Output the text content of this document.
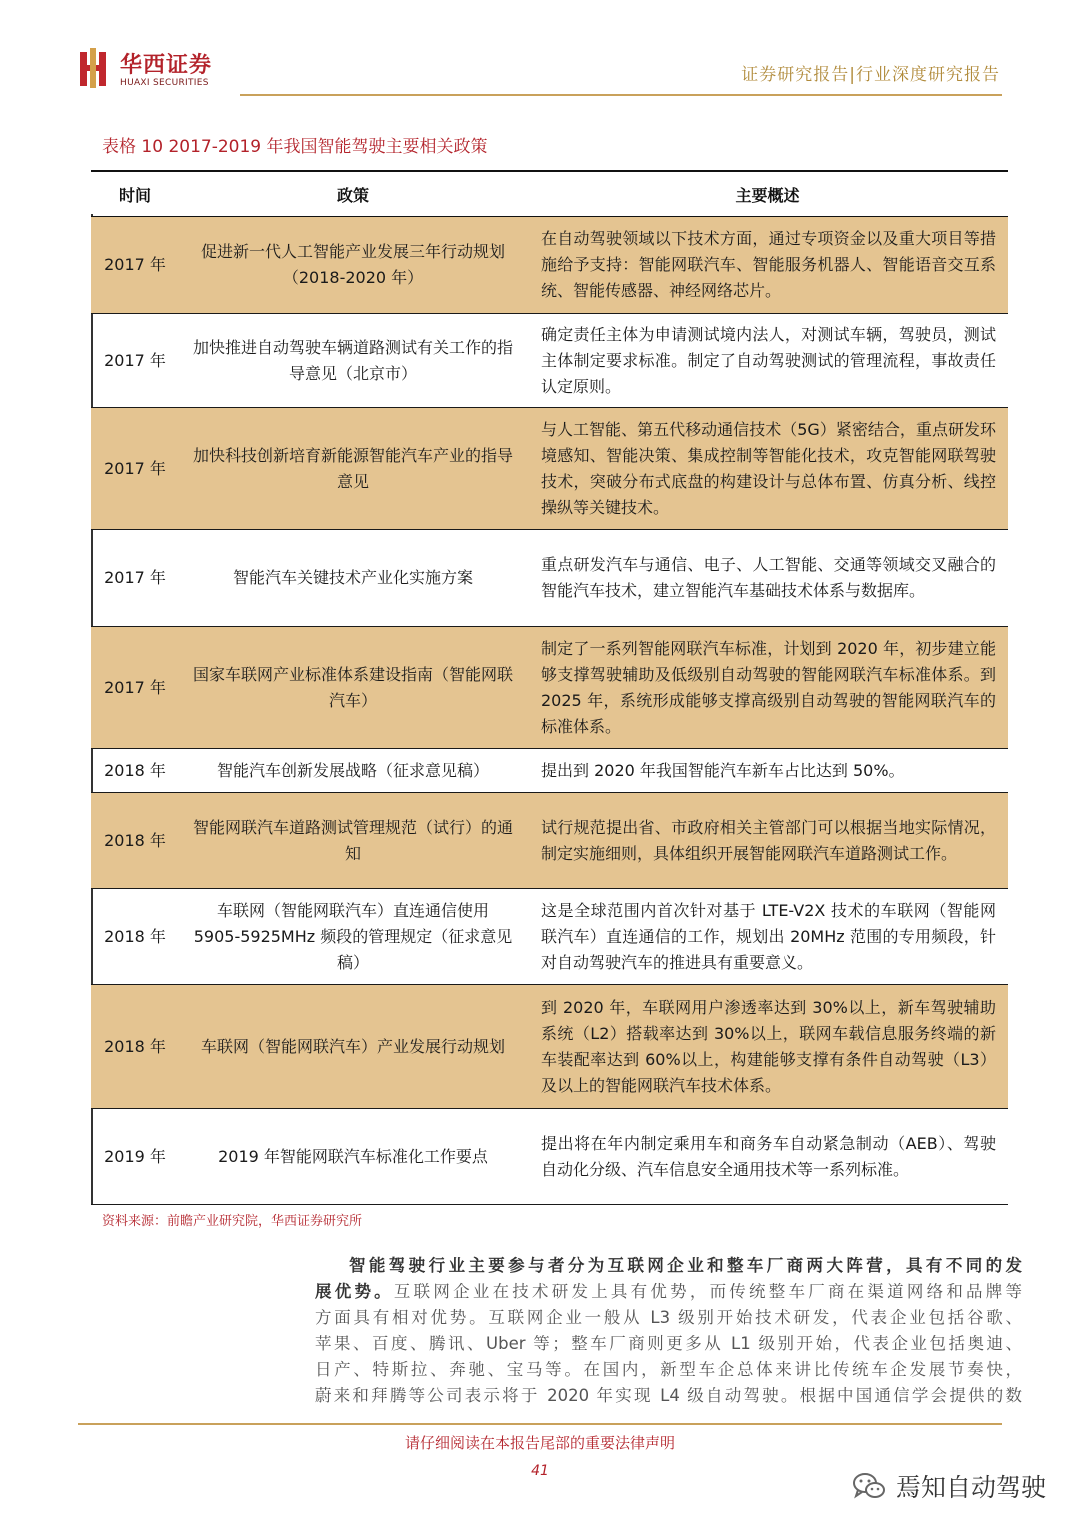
华西证券
HUAXI SECURITIES	证券研究报告|行业深度研究报告
表格 10 2017-2019 年我国智能驾驶主要相关政策
时间	政策	主要概述
2017 年	促进新一代人工智能产业发展三年行动规划（2018-2020 年）	在自动驾驶领域以下技术方面，通过专项资金以及重大项目等措施给予支持：智能网联汽车、智能服务机器人、智能语音交互系统、智能传感器、神经网络芯片。
2017 年	加快推进自动驾驶车辆道路测试有关工作的指导意见（北京市）	确定责任主体为申请测试境内法人，对测试车辆，驾驶员，测试主体制定要求标准。制定了自动驾驶测试的管理流程，事故责任认定原则。
2017 年	加快科技创新培育新能源智能汽车产业的指导意见	与人工智能、第五代移动通信技术（5G）紧密结合，重点研发环境感知、智能决策、集成控制等智能化技术，攻克智能网联驾驶技术，突破分布式底盘的构建设计与总体布置、仿真分析、线控操纵等关键技术。
2017 年	智能汽车关键技术产业化实施方案	重点研发汽车与通信、电子、人工智能、交通等领域交叉融合的智能汽车技术，建立智能汽车基础技术体系与数据库。
2017 年	国家车联网产业标准体系建设指南（智能网联汽车）	制定了一系列智能网联汽车标准，计划到 2020 年，初步建立能够支撑驾驶辅助及低级别自动驾驶的智能网联汽车标准体系。到 2025 年，系统形成能够支撑高级别自动驾驶的智能网联汽车的标准体系。
2018 年	智能汽车创新发展战略（征求意见稿）	提出到 2020 年我国智能汽车新车占比达到 50%。
2018 年	智能网联汽车道路测试管理规范（试行）的通知	试行规范提出省、市政府相关主管部门可以根据当地实际情况，制定实施细则，具体组织开展智能网联汽车道路测试工作。
2018 年	车联网（智能网联汽车）直连通信使用 5905-5925MHz 频段的管理规定（征求意见稿）	这是全球范围内首次针对基于 LTE-V2X 技术的车联网（智能网联汽车）直连通信的工作，规划出 20MHz 范围的专用频段，针对自动驾驶汽车的推进具有重要意义。
2018 年	车联网（智能网联汽车）产业发展行动规划	到 2020 年，车联网用户渗透率达到 30%以上，新车驾驶辅助系统（L2）搭载率达到 30%以上，联网车载信息服务终端的新车装配率达到 60%以上，构建能够支撑有条件自动驾驶（L3）及以上的智能网联汽车技术体系。
2019 年	2019 年智能网联汽车标准化工作要点	提出将在年内制定乘用车和商务车自动紧急制动（AEB）、驾驶自动化分级、汽车信息安全通用技术等一系列标准。
资料来源：前瞻产业研究院，华西证券研究所
智能驾驶行业主要参与者分为互联网企业和整车厂商两大阵营，具有不同的发
展优势。互联网企业在技术研发上具有优势，而传统整车厂商在渠道网络和品牌等
方面具有相对优势。互联网企业一般从 L3 级别开始技术研发，代表企业包括谷歌、
苹果、百度、腾讯、Uber 等；整车厂商则更多从 L1 级别开始，代表企业包括奥迪、
日产、特斯拉、奔驰、宝马等。在国内，新型车企总体来讲比传统车企发展节奏快，
蔚来和拜腾等公司表示将于 2020 年实现 L4 级自动驾驶。根据中国通信学会提供的数
请仔细阅读在本报告尾部的重要法律声明
41
焉知自动驾驶
